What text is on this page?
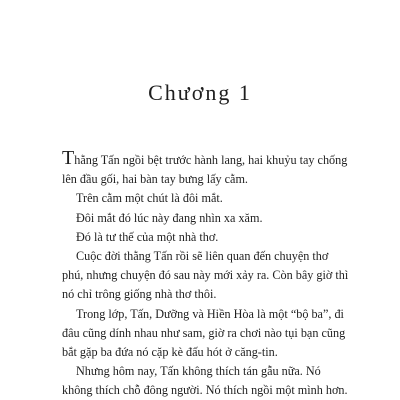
Chương 1

Thằng Tấn ngồi bệt trước hành lang, hai khuỷu tay chống lên đầu gối, hai bàn tay bưng lấy cằm.

Trên cằm một chút là đôi mắt.

Đôi mắt đó lúc này đang nhìn xa xăm.

Đó là tư thế của một nhà thơ.

Cuộc đời thằng Tấn rồi sẽ liên quan đến chuyện thơ phú, nhưng chuyện đó sau này mới xảy ra. Còn bây giờ thì nó chỉ trông giống nhà thơ thôi.

Trong lớp, Tấn, Dưỡng và Hiền Hòa là một “bộ ba”, đi đâu cũng dính nhau như sam, giờ ra chơi nào tụi bạn cũng bắt gặp ba đứa nó cặp kè đấu hót ở căng-tin.

Nhưng hôm nay, Tấn không thích tán gẫu nữa. Nó không thích chỗ đông người. Nó thích ngồi một mình hơn.
